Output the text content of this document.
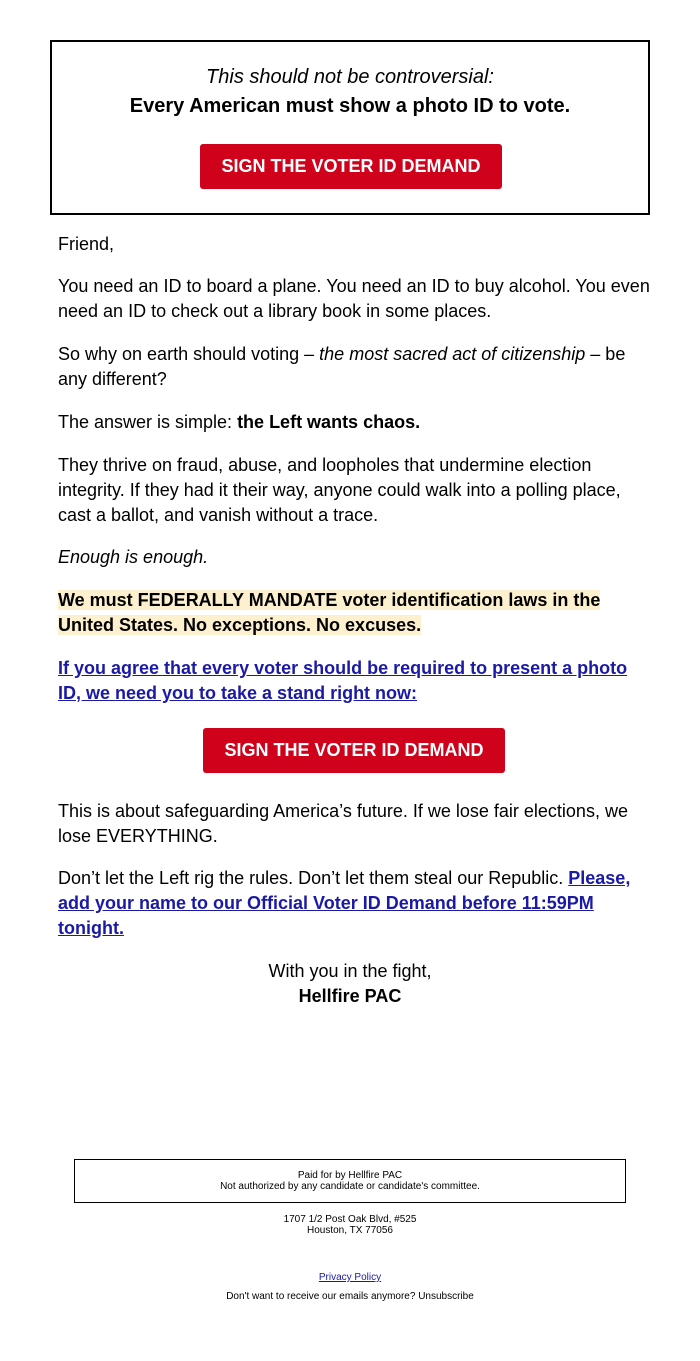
This should not be controversial:
Every American must show a photo ID to vote.
SIGN THE VOTER ID DEMAND

Friend,

You need an ID to board a plane. You need an ID to buy alcohol. You even need an ID to check out a library book in some places.

So why on earth should voting – the most sacred act of citizenship – be any different?

The answer is simple: the Left wants chaos.

They thrive on fraud, abuse, and loopholes that undermine election integrity. If they had it their way, anyone could walk into a polling place, cast a ballot, and vanish without a trace.

Enough is enough.

We must FEDERALLY MANDATE voter identification laws in the United States. No exceptions. No excuses.

If you agree that every voter should be required to present a photo ID, we need you to take a stand right now:

SIGN THE VOTER ID DEMAND

This is about safeguarding America’s future. If we lose fair elections, we lose EVERYTHING.

Don’t let the Left rig the rules. Don’t let them steal our Republic. Please, add your name to our Official Voter ID Demand before 11:59PM tonight.

With you in the fight,

Hellfire PAC

Paid for by Hellfire PAC
Not authorized by any candidate or candidate's committee.
1707 1/2 Post Oak Blvd, #525
Houston, TX 77056
Privacy Policy
Don't want to receive our emails anymore? Unsubscribe
